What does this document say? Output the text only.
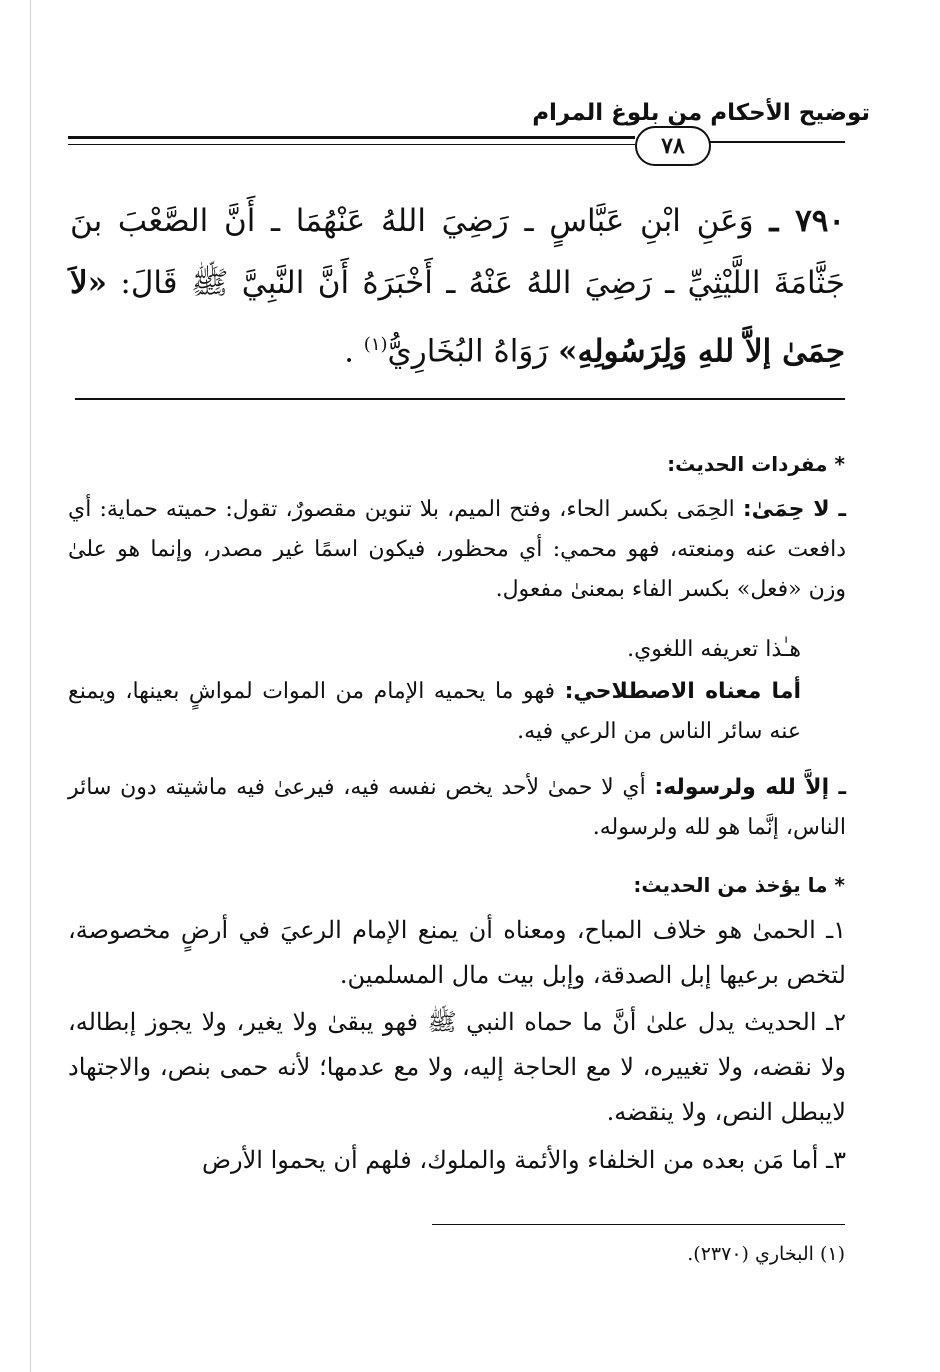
توضيح الأحكام من بلوغ المرام
٧٨
٧٩٠ ـ وَعَنِ ابْنِ عَبَّاسٍ ـ رَضِيَ اللهُ عَنْهُمَا ـ أَنَّ الصَّعْبَ بنَ جَثَّامَةَ اللَّيْثِيِّ ـ رَضِيَ اللهُ عَنْهُ ـ أَخْبَرَهُ أَنَّ النَّبِيَّ ﷺ قَالَ: «لاَ حِمَىٰ إلاَّ للهِ وَلِرَسُولِهِ» رَوَاهُ البُخَارِيُّ$^{(١)}$ .
* مفردات الحديث:
ـ لا حِمَىٰ: الحِمَى بكسر الحاء، وفتح الميم، بلا تنوين مقصورٌ، تقول: حميته حماية: أي دافعت عنه ومنعته، فهو محمي: أي محظور، فيكون اسمًا غير مصدر، وإنما هو علىٰ وزن «فعل» بكسر الفاء بمعنىٰ مفعول.
هـٰذا تعريفه اللغوي.
أما معناه الاصطلاحي: فهو ما يحميه الإمام من الموات لمواشٍ بعينها، ويمنع عنه سائر الناس من الرعي فيه.
ـ إلاَّ لله ولرسوله: أي لا حمىٰ لأحد يخص نفسه فيه، فيرعىٰ فيه ماشيته دون سائر الناس، إنَّما هو لله ولرسوله.
* ما يؤخذ من الحديث:
١ـ الحمىٰ هو خلاف المباح، ومعناه أن يمنع الإمام الرعيَ في أرضٍ مخصوصة، لتخص برعيها إبل الصدقة، وإبل بيت مال المسلمين.
٢ـ الحديث يدل علىٰ أنَّ ما حماه النبي ﷺ فهو يبقىٰ ولا يغير، ولا يجوز إبطاله، ولا نقضه، ولا تغييره، لا مع الحاجة إليه، ولا مع عدمها؛ لأنه حمى بنص، والاجتهاد لايبطل النص، ولا ينقضه.
٣ـ أما مَن بعده من الخلفاء والأئمة والملوك، فلهم أن يحموا الأرض
(١) البخاري (٢٣٧٠).
